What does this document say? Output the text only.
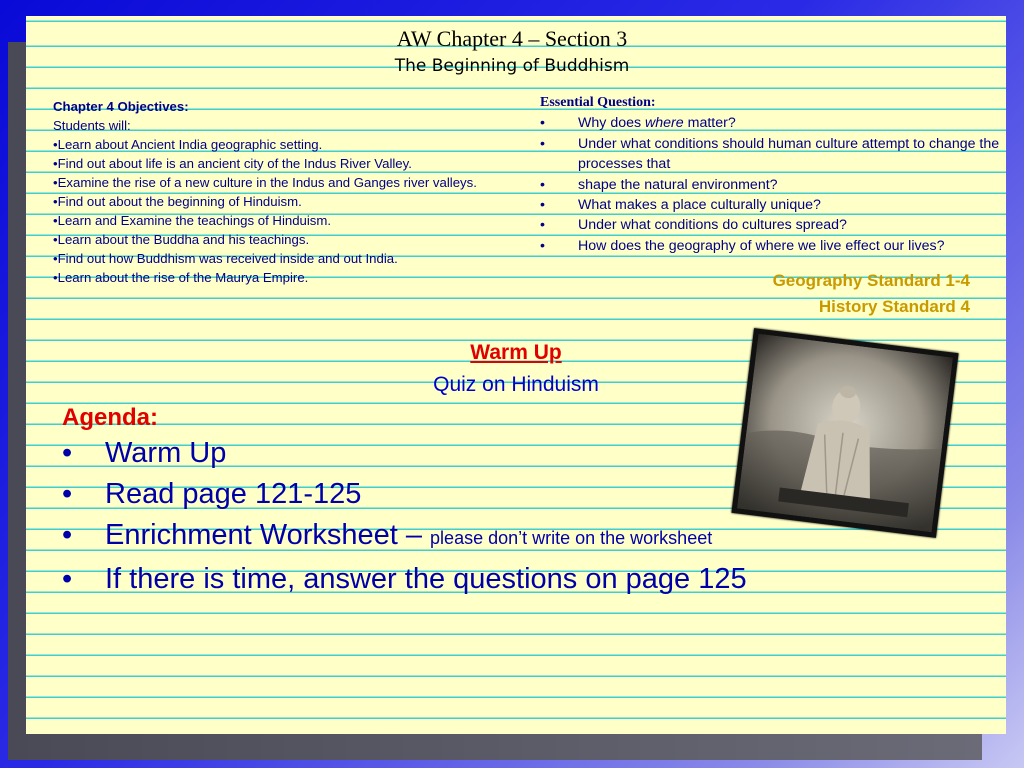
AW Chapter 4 – Section 3
The Beginning of Buddhism
Chapter 4 Objectives:
Students will:
•Learn about Ancient India geographic setting.
•Find out about life is an ancient city of the Indus River Valley.
•Examine the rise of a new culture in the Indus and Ganges river valleys.
•Find out about the beginning of Hinduism.
•Learn and Examine the teachings of Hinduism.
•Learn about the Buddha and his teachings.
•Find out how Buddhism was received inside and out India.
•Learn about the rise of the Maurya Empire.
Essential Question:
•	Why does where matter?
•	Under what conditions should human culture attempt to change the processes that
•	shape the natural environment?
•	What makes a place culturally unique?
•	Under what conditions do cultures spread?
•	How does the geography of where we live effect our lives?
Geography Standard 1-4
History Standard 4
Warm Up
Quiz on Hinduism
Agenda:
•	Warm Up
•	Read page 121-125
•	Enrichment Worksheet – please don’t write on the worksheet
•	If there is time, answer the questions on page 125
